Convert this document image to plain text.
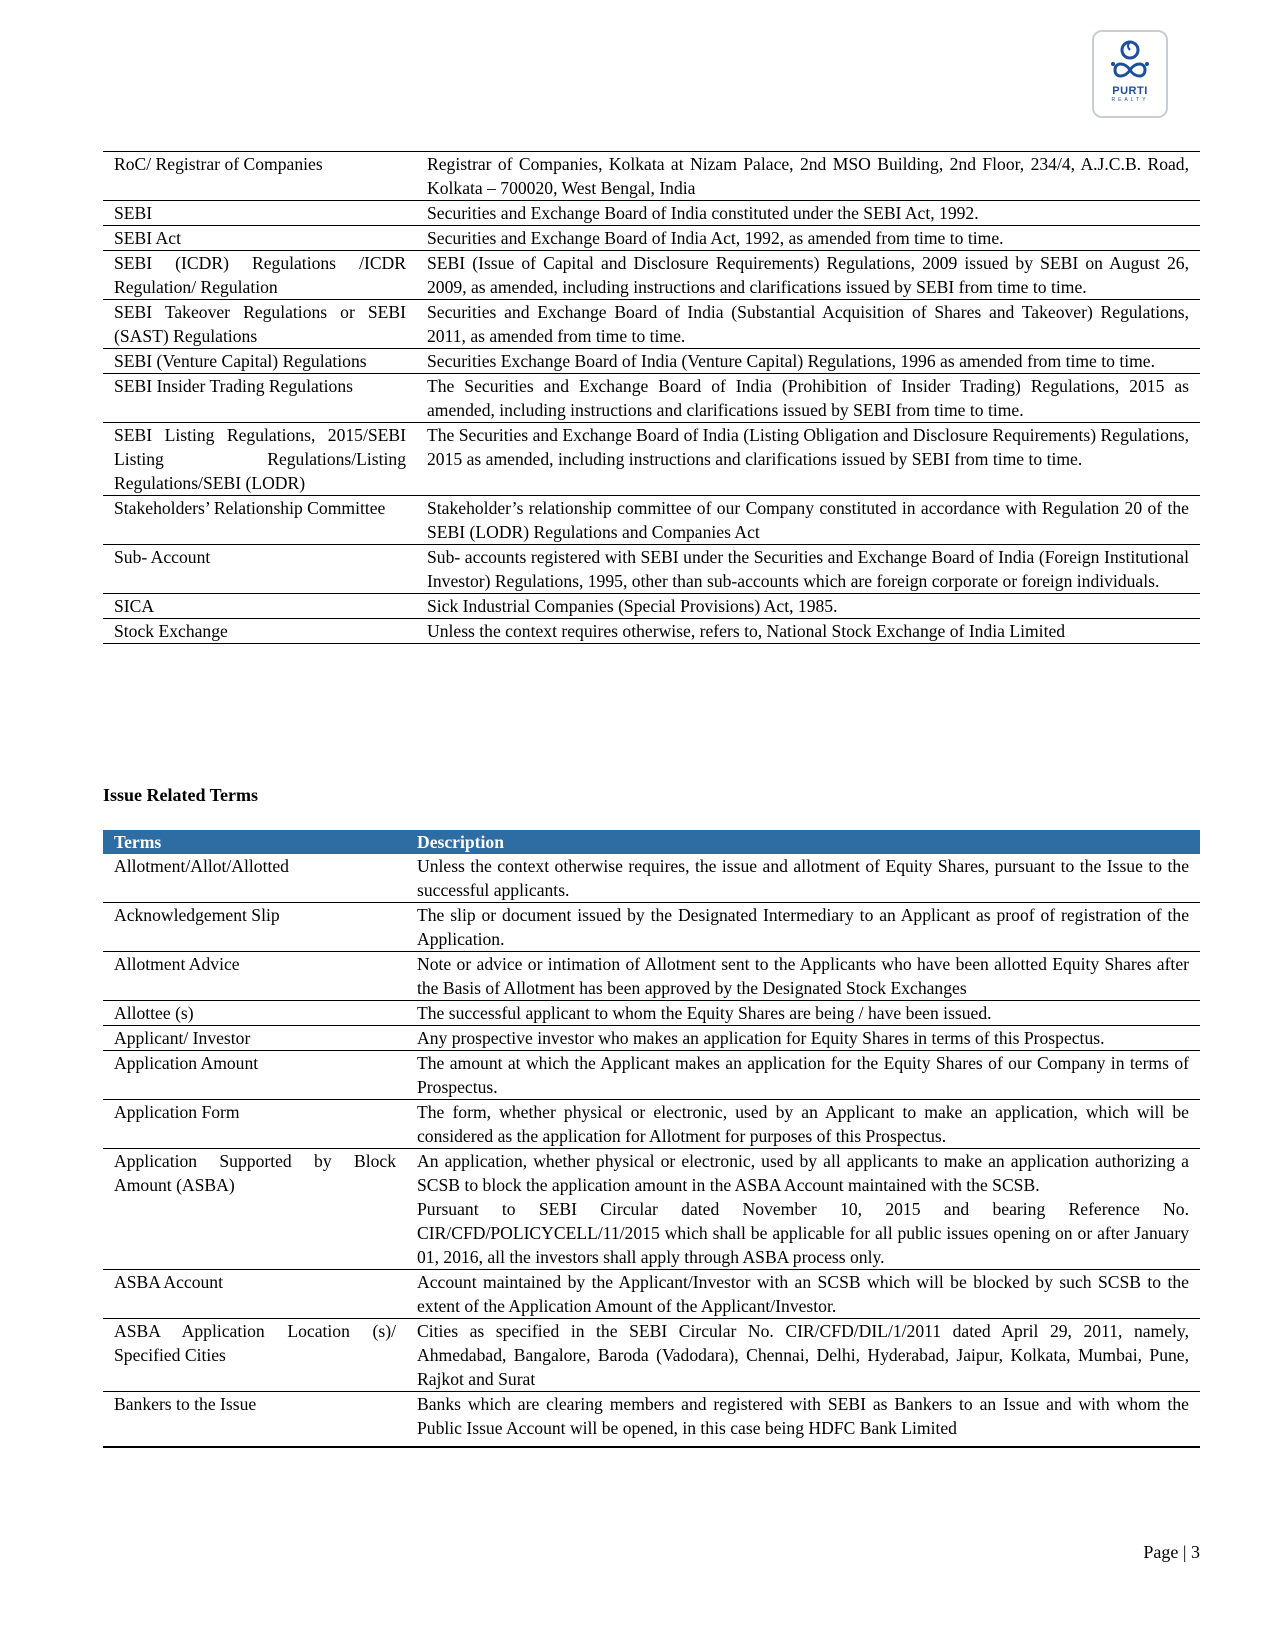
PURTI
REALTY
RoC/ Registrar of Companies	Registrar of Companies, Kolkata at Nizam Palace, 2nd MSO Building, 2nd Floor, 234/4, A.J.C.B. Road, Kolkata – 700020, West Bengal, India
SEBI	Securities and Exchange Board of India constituted under the SEBI Act, 1992.
SEBI Act	Securities and Exchange Board of India Act, 1992, as amended from time to time.
SEBI (ICDR) Regulations /ICDR Regulation/ Regulation	SEBI (Issue of Capital and Disclosure Requirements) Regulations, 2009 issued by SEBI on August 26, 2009, as amended, including instructions and clarifications issued by SEBI from time to time.
SEBI Takeover Regulations or SEBI (SAST) Regulations	Securities and Exchange Board of India (Substantial Acquisition of Shares and Takeover) Regulations, 2011, as amended from time to time.
SEBI (Venture Capital) Regulations	Securities Exchange Board of India (Venture Capital) Regulations, 1996 as amended from time to time.
SEBI Insider Trading Regulations	The Securities and Exchange Board of India (Prohibition of Insider Trading) Regulations, 2015 as amended, including instructions and clarifications issued by SEBI from time to time.
SEBI Listing Regulations, 2015/SEBI Listing Regulations/Listing Regulations/SEBI (LODR)	The Securities and Exchange Board of India (Listing Obligation and Disclosure Requirements) Regulations, 2015 as amended, including instructions and clarifications issued by SEBI from time to time.
Stakeholders’ Relationship Committee	Stakeholder’s relationship committee of our Company constituted in accordance with Regulation 20 of the SEBI (LODR) Regulations and Companies Act
Sub- Account	Sub- accounts registered with SEBI under the Securities and Exchange Board of India (Foreign Institutional Investor) Regulations, 1995, other than sub-accounts which are foreign corporate or foreign individuals.
SICA	Sick Industrial Companies (Special Provisions) Act, 1985.
Stock Exchange	Unless the context requires otherwise, refers to, National Stock Exchange of India Limited
Issue Related Terms
Terms	Description
Allotment/Allot/Allotted	Unless the context otherwise requires, the issue and allotment of Equity Shares, pursuant to the Issue to the successful applicants.
Acknowledgement Slip	The slip or document issued by the Designated Intermediary to an Applicant as proof of registration of the Application.
Allotment Advice	Note or advice or intimation of Allotment sent to the Applicants who have been allotted Equity Shares after the Basis of Allotment has been approved by the Designated Stock Exchanges
Allottee (s)	The successful applicant to whom the Equity Shares are being / have been issued.
Applicant/ Investor	Any prospective investor who makes an application for Equity Shares in terms of this Prospectus.
Application Amount	The amount at which the Applicant makes an application for the Equity Shares of our Company in terms of Prospectus.
Application Form	The form, whether physical or electronic, used by an Applicant to make an application, which will be considered as the application for Allotment for purposes of this Prospectus.
Application Supported by Block Amount (ASBA)	An application, whether physical or electronic, used by all applicants to make an application authorizing a SCSB to block the application amount in the ASBA Account maintained with the SCSB.
Pursuant to SEBI Circular dated November 10, 2015 and bearing Reference No. CIR/CFD/POLICYCELL/11/2015 which shall be applicable for all public issues opening on or after January 01, 2016, all the investors shall apply through ASBA process only.

ASBA Account	Account maintained by the Applicant/Investor with an SCSB which will be blocked by such SCSB to the extent of the Application Amount of the Applicant/Investor.
ASBA Application Location (s)/ Specified Cities	Cities as specified in the SEBI Circular No. CIR/CFD/DIL/1/2011 dated April 29, 2011, namely, Ahmedabad, Bangalore, Baroda (Vadodara), Chennai, Delhi, Hyderabad, Jaipur, Kolkata, Mumbai, Pune, Rajkot and Surat
Bankers to the Issue	Banks which are clearing members and registered with SEBI as Bankers to an Issue and with whom the Public Issue Account will be opened, in this case being HDFC Bank Limited
Page | 3
